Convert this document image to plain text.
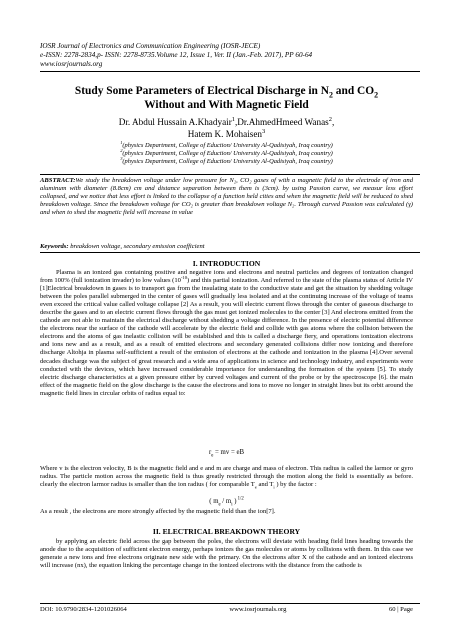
IOSR Journal of Electronics and Communication Engineering (IOSR-JECE)
e-ISSN: 2278-2834,p- ISSN: 2278-8735.Volume 12, Issue 1, Ver. II (Jan.-Feb. 2017), PP 60-64
www.iosrjournals.org
Study Some Parameters of Electrical Discharge in $N_2$ and $CO_2$
Without and With Magnetic Field
Dr. Abdul Hussain A.Khadyair$^1$,Dr.AhmedHmeed Wanas$^2$,
Hatem K. Mohaisen$^3$
$^1$(physics Department, College of Eduction/ University Al-Qadisiyah, Iraq country)
$^2$(physics Department, College of Eduction/ University Al-Qadisiyah, Iraq country)
$^3$(physics Department, College of Eduction/ University Al-Qadisiyah, Iraq country)
ABSTRACT:We study the breakdown voltage under low pressure for N₂, CO₂ gases of with a magnetic field to the electrode of iron and aluminum with diameter (8.8cm) cm and distance separation between them is (3cm). by using Passion curve, we measur less effort collapsed, and we notice that less effort is linked to the collapse of a function held cities and when the magnetic field will be reduced to shed breakdown voltage. Since the breakdown voltage for CO₂ is greater than breakdown voltage N₂. Through curved Passion was calculated (γ) and when to shed the magnetic field will increase in value
Keywords: breakdown voltage, secondary emission coefficient
I. INTRODUCTION

Plasma is an ionized gas containing positive and negative ions and electrons and neutral particles and degrees of ionization changed from 100% (full ionization invader) to low values $(10^{-10})$ and this partial ionization. And referred to the state of the plasma status of Article IV [1]Electrical breakdown in gases is to transport gas from the insulating state to the conductive state and get the situation by shedding voltage between the poles parallel submerged in the center of gases will gradually less isolated and at the continuing increase of the voltage of teams even exceed the critical value called voltage collapse [2] As a result, you will electric current flows through the center of gaseous discharge to describe the gases and to an electric current flows through the gas must get ionized molecules to the center [3] And electrons emitted from the cathode are not able to maintain the electrical discharge without shedding a voltage difference. In the presence of electric potential difference the electrons near the surface of the cathode will accelerate by the electric field and collide with gas atoms where the collision between the electrons and the atoms of gas inelastic collision will be established and this is called a discharge fiery, and operations ionization electrons and ions new and as a result, and as a result of emitted electrons and secondary generated collisions differ now ionizing and therefore discharge Altohja in plasma self-sufficient a result of the emission of electrons at the cathode and ionization in the plasma [4].Over several decades discharge was the subject of great research and a wide area of applications in science and technology industry, and experiments were conducted with the devices, which have increased considerable importance for understanding the formation of the system [5]. To study electric discharge characteristics at a given pressure either by curved voltages and current of the probe or by the spectroscope [6]. the main effect of the magnetic field on the glow discharge is the cause the electrons and ions to move no longer in straight lines but its orbit around the magnetic field lines in circular orbits of radius equal to:

$r_e$ = mv = eB

Where v is the electron velocity, B is the magnetic field and e and m are charge and mass of electron. This radius is called the larmor or gyro radius. The particle motion across the magnetic field is thus greatly restricted through the motion along the field is essentially as before. clearly the electron larmor radius is smaller than the ion radius ( for comparable $T_e$ and $T_i$ ) by the factor :

( $m_e / m_i$ ) $^{1/2}$

As a result , the electrons are more strongly affected by the magnetic field than the ion[7].

II. ELECTRICAL BREAKDOWN THEORY

by applying an electric field across the gap between the poles, the electrons will deviate with heading field lines heading towards the anode due to the acquisition of sufficient electron energy, perhaps ionizes the gas molecules or atoms by collisions with them. In this case we generate a new ions and free electrons originate new side with the primary. On the electrons after X of the cathode and an ionized electrons will increase (nx), the equation linking the percentage change in the ionized electrons with the distance from the cathode is

DOI: 10.9790/2834-1201026064	www.iosrjournals.org	60 | Page
